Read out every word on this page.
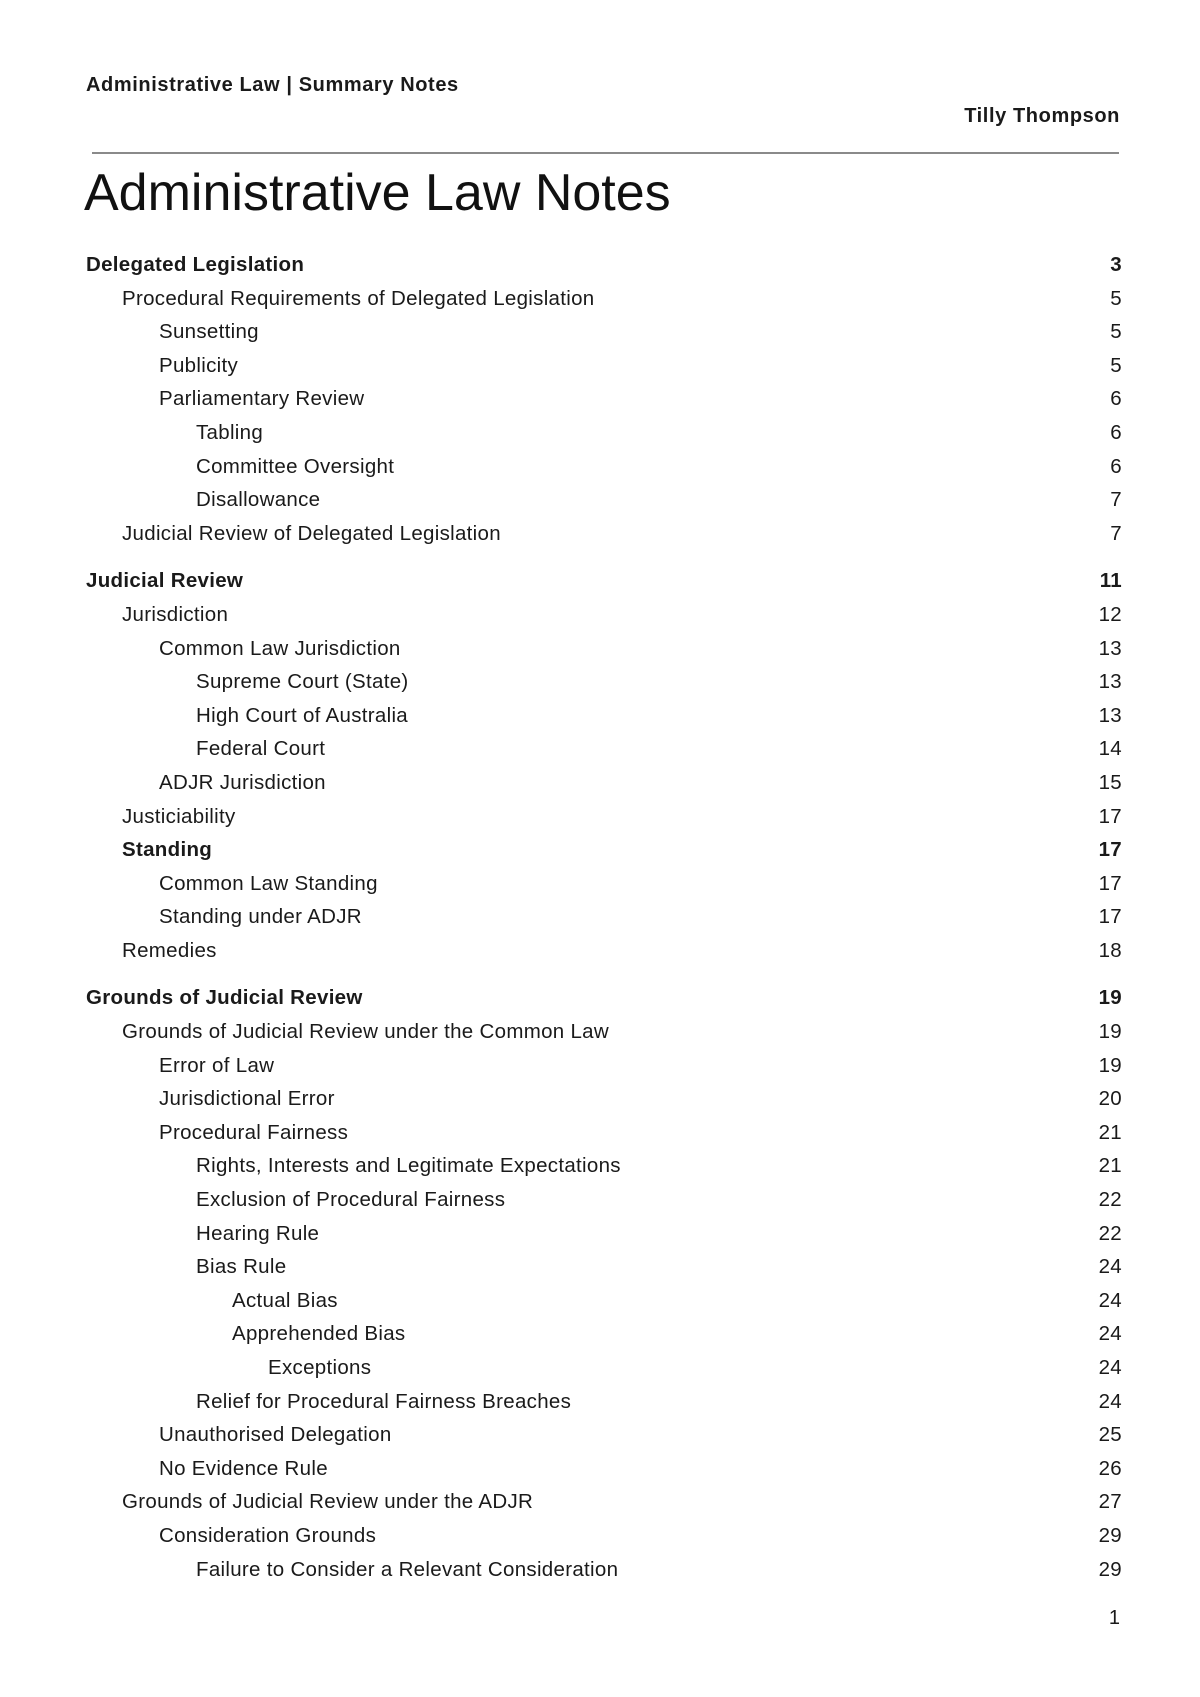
Administrative Law | Summary Notes
Tilly Thompson
Administrative Law Notes
Delegated Legislation	3
Procedural Requirements of Delegated Legislation	5
Sunsetting	5
Publicity	5
Parliamentary Review	6
Tabling	6
Committee Oversight	6
Disallowance	7
Judicial Review of Delegated Legislation	7
Judicial Review	11
Jurisdiction	12
Common Law Jurisdiction	13
Supreme Court (State)	13
High Court of Australia	13
Federal Court	14
ADJR Jurisdiction	15
Justiciability	17
Standing	17
Common Law Standing	17
Standing under ADJR	17
Remedies	18
Grounds of Judicial Review	19
Grounds of Judicial Review under the Common Law	19
Error of Law	19
Jurisdictional Error	20
Procedural Fairness	21
Rights, Interests and Legitimate Expectations	21
Exclusion of Procedural Fairness	22
Hearing Rule	22
Bias Rule	24
Actual Bias	24
Apprehended Bias	24
Exceptions	24
Relief for Procedural Fairness Breaches	24
Unauthorised Delegation	25
No Evidence Rule	26
Grounds of Judicial Review under the ADJR	27
Consideration Grounds	29
Failure to Consider a Relevant Consideration	29
1
